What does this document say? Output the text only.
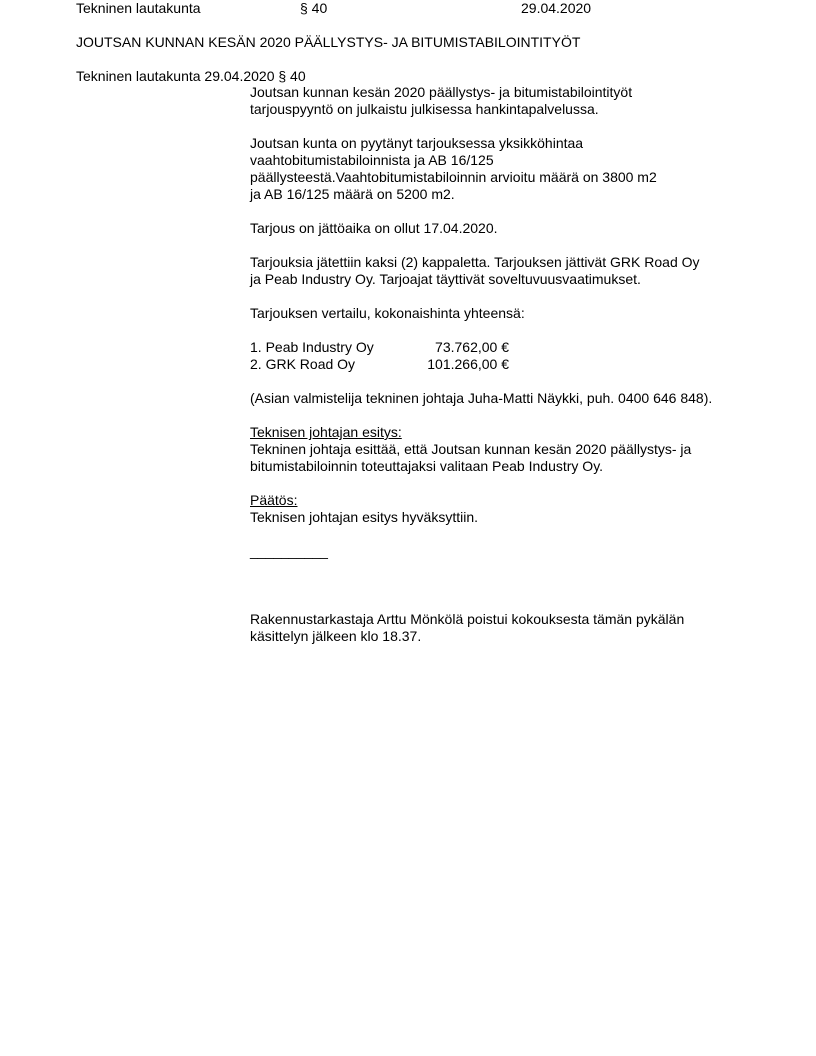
Tekninen lautakunta	§ 40	29.04.2020
JOUTSAN KUNNAN KESÄN 2020 PÄÄLLYSTYS- JA BITUMISTABILOINTITYÖT
Tekninen lautakunta 29.04.2020 § 40

Joutsan kunnan kesän 2020 päällystys- ja bitumistabilointityöt

tarjouspyyntö on julkaistu julkisessa hankintapalvelussa.

Joutsan kunta on pyytänyt tarjouksessa yksikköhintaa

vaahtobitumistabiloinnista ja AB 16/125

päällysteestä.Vaahtobitumistabiloinnin arvioitu määrä on 3800 m2

ja AB 16/125 määrä on 5200 m2.

Tarjous on jättöaika on ollut 17.04.2020.

Tarjouksia jätettiin kaksi (2) kappaletta. Tarjouksen jättivät GRK Road Oy

ja Peab Industry Oy. Tarjoajat täyttivät soveltuvuusvaatimukset.

Tarjouksen vertailu, kokonaishinta yhteensä:

1. Peab Industry Oy	73.762,00 €
2. GRK Road Oy	101.266,00 €

(Asian valmistelija tekninen johtaja Juha-Matti Näykki, puh. 0400 646 848).

Teknisen johtajan esitys:

Tekninen johtaja esittää, että Joutsan kunnan kesän 2020 päällystys- ja

bitumistabiloinnin toteuttajaksi valitaan Peab Industry Oy.

Päätös:

Teknisen johtajan esitys hyväksyttiin.

__________

Rakennustarkastaja Arttu Mönkölä poistui kokouksesta tämän pykälän

käsittelyn jälkeen klo 18.37.
